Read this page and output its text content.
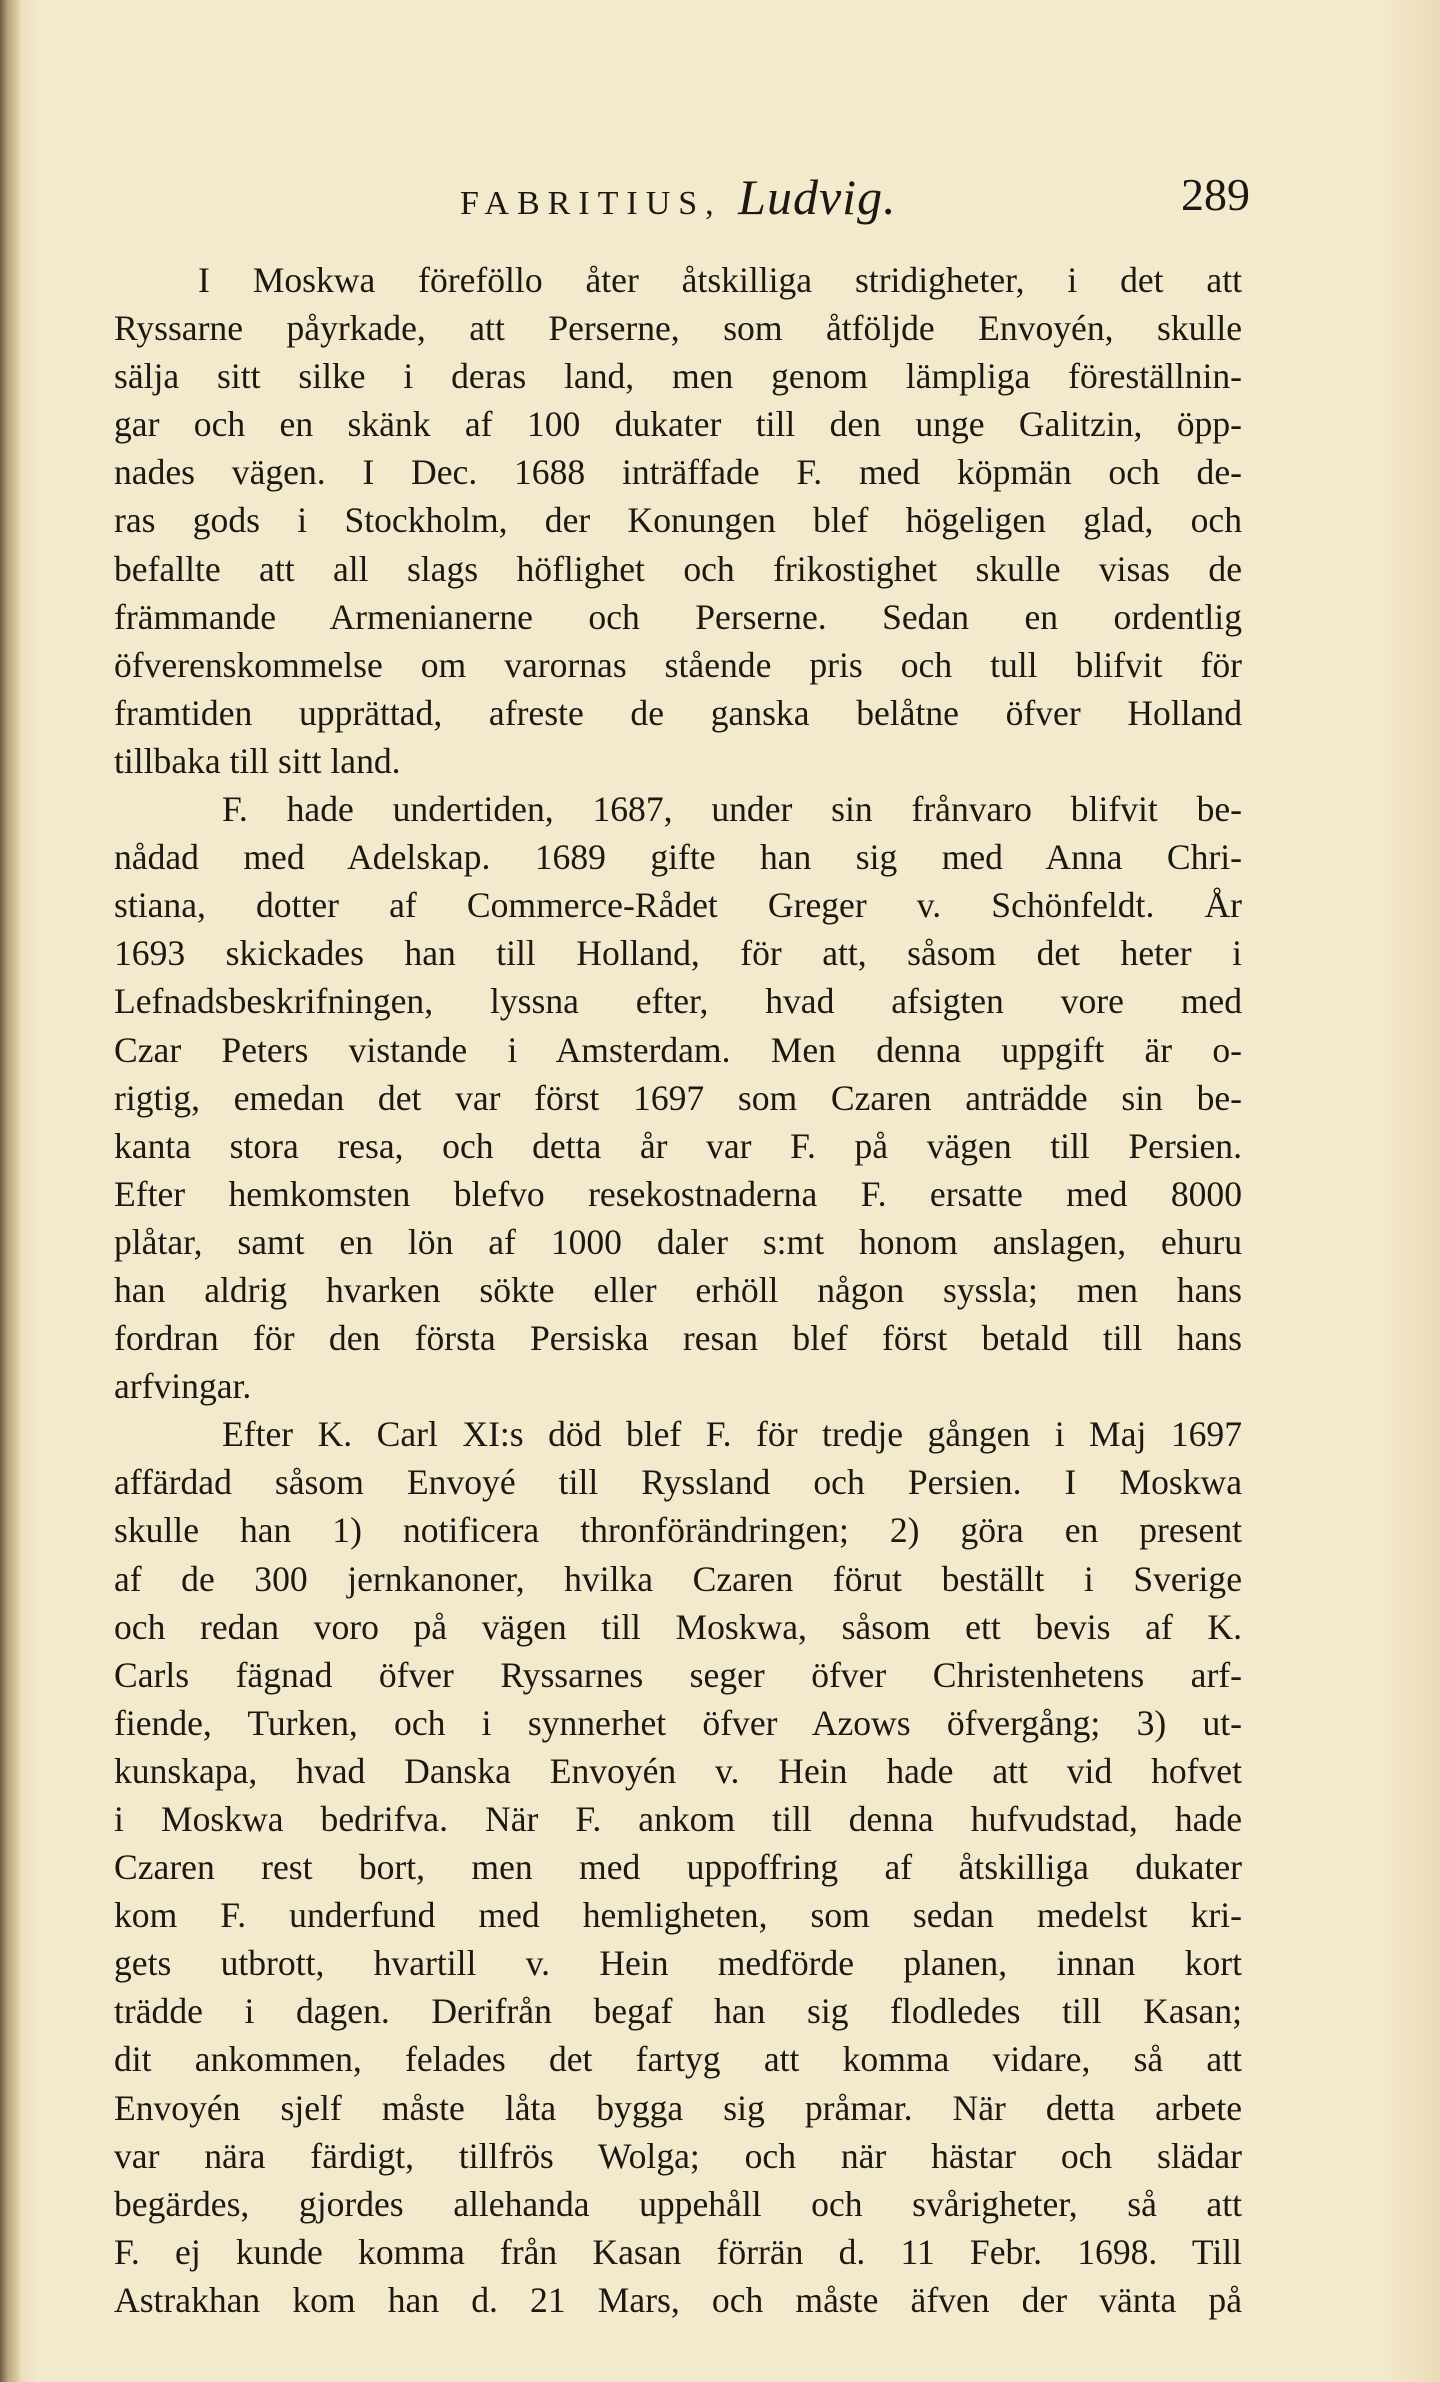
FABRITIUS, Ludvig.	289
I Moskwa föreföllo åter åtskilliga stridigheter, i det att
Ryssarne påyrkade, att Perserne, som åtföljde Envoyén, skulle
sälja sitt silke i deras land, men genom lämpliga föreställnin-
gar och en skänk af 100 dukater till den unge Galitzin, öpp-
nades vägen. I Dec. 1688 inträffade F. med köpmän och de-
ras gods i Stockholm, der Konungen blef högeligen glad, och
befallte att all slags höflighet och frikostighet skulle visas de
främmande Armenianerne och Perserne. Sedan en ordentlig
öfverenskommelse om varornas stående pris och tull blifvit för
framtiden upprättad, afreste de ganska belåtne öfver Holland
tillbaka till sitt land.
F. hade undertiden, 1687, under sin frånvaro blifvit be-
nådad med Adelskap. 1689 gifte han sig med Anna Chri-
stiana, dotter af Commerce-Rådet Greger v. Schönfeldt. År
1693 skickades han till Holland, för att, såsom det heter i
Lefnadsbeskrifningen, lyssna efter, hvad afsigten vore med
Czar Peters vistande i Amsterdam. Men denna uppgift är o-
rigtig, emedan det var först 1697 som Czaren anträdde sin be-
kanta stora resa, och detta år var F. på vägen till Persien.
Efter hemkomsten blefvo resekostnaderna F. ersatte med 8000
plåtar, samt en lön af 1000 daler s:mt honom anslagen, ehuru
han aldrig hvarken sökte eller erhöll någon syssla; men hans
fordran för den första Persiska resan blef först betald till hans
arfvingar.
Efter K. Carl XI:s död blef F. för tredje gången i Maj 1697
affärdad såsom Envoyé till Ryssland och Persien. I Moskwa
skulle han 1) notificera thronförändringen; 2) göra en present
af de 300 jernkanoner, hvilka Czaren förut beställt i Sverige
och redan voro på vägen till Moskwa, såsom ett bevis af K.
Carls fägnad öfver Ryssarnes seger öfver Christenhetens arf-
fiende, Turken, och i synnerhet öfver Azows öfvergång; 3) ut-
kunskapa, hvad Danska Envoyén v. Hein hade att vid hofvet
i Moskwa bedrifva. När F. ankom till denna hufvudstad, hade
Czaren rest bort, men med uppoffring af åtskilliga dukater
kom F. underfund med hemligheten, som sedan medelst kri-
gets utbrott, hvartill v. Hein medförde planen, innan kort
trädde i dagen. Derifrån begaf han sig flodledes till Kasan;
dit ankommen, felades det fartyg att komma vidare, så att
Envoyén sjelf måste låta bygga sig pråmar. När detta arbete
var nära färdigt, tillfrös Wolga; och när hästar och slädar
begärdes, gjordes allehanda uppehåll och svårigheter, så att
F. ej kunde komma från Kasan förrän d. 11 Febr. 1698. Till
Astrakhan kom han d. 21 Mars, och måste äfven der vänta på
